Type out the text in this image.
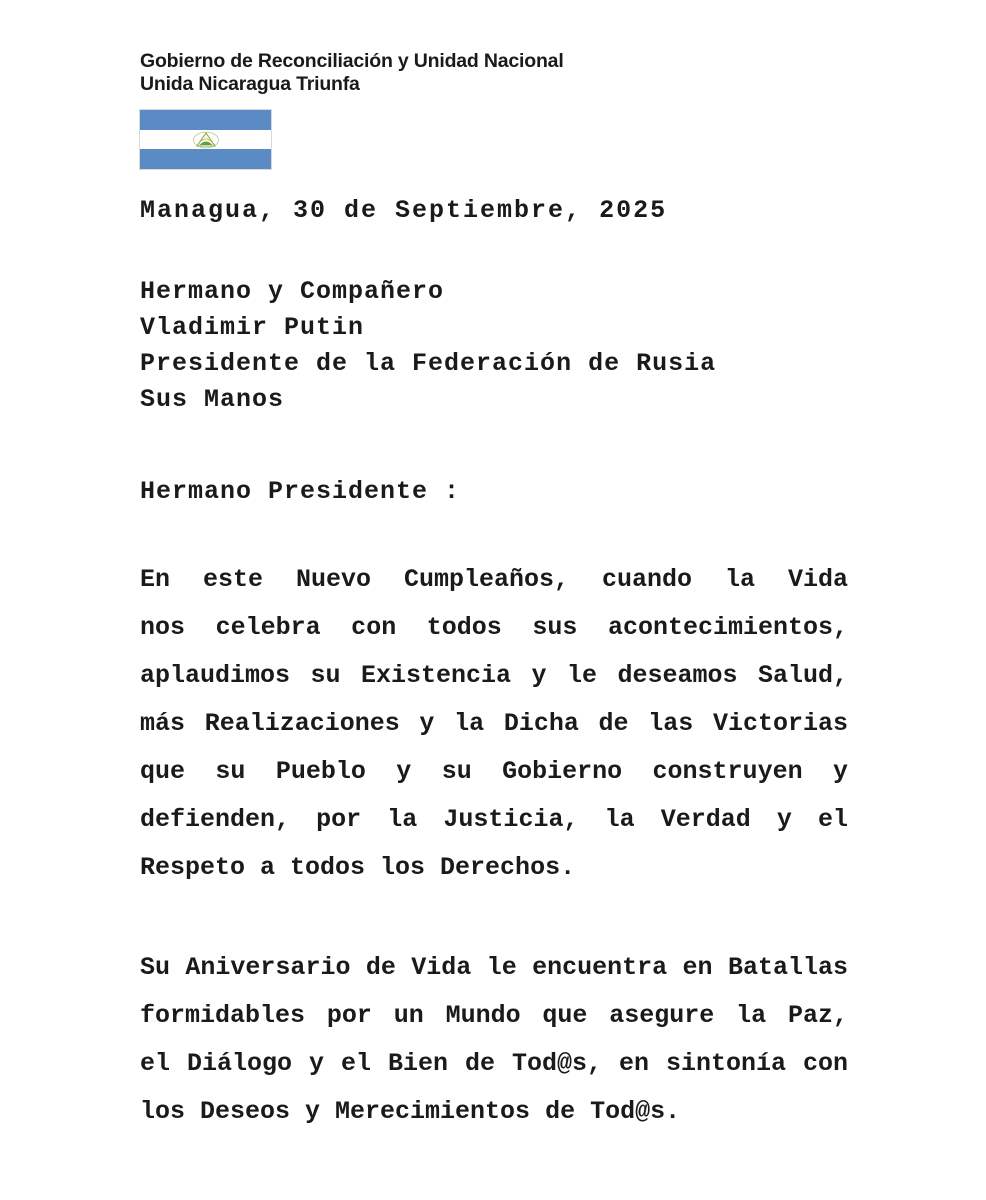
Gobierno de Reconciliación y Unidad Nacional
Unida Nicaragua Triunfa
Managua, 30 de Septiembre, 2025
Hermano y Compañero
Vladimir Putin
Presidente de la Federación de Rusia
Sus Manos
Hermano Presidente :
En este Nuevo Cumpleaños, cuando la Vida
nos celebra con todos sus acontecimientos,
aplaudimos su Existencia y le deseamos Salud,
más Realizaciones y la Dicha de las Victorias
que su Pueblo y su Gobierno construyen y
defienden, por la Justicia, la Verdad y el
Respeto a todos los Derechos.
Su Aniversario de Vida le encuentra en Batallas
formidables por un Mundo que asegure la Paz,
el Diálogo y el Bien de Tod@s, en sintonía con
los Deseos y Merecimientos de Tod@s.
